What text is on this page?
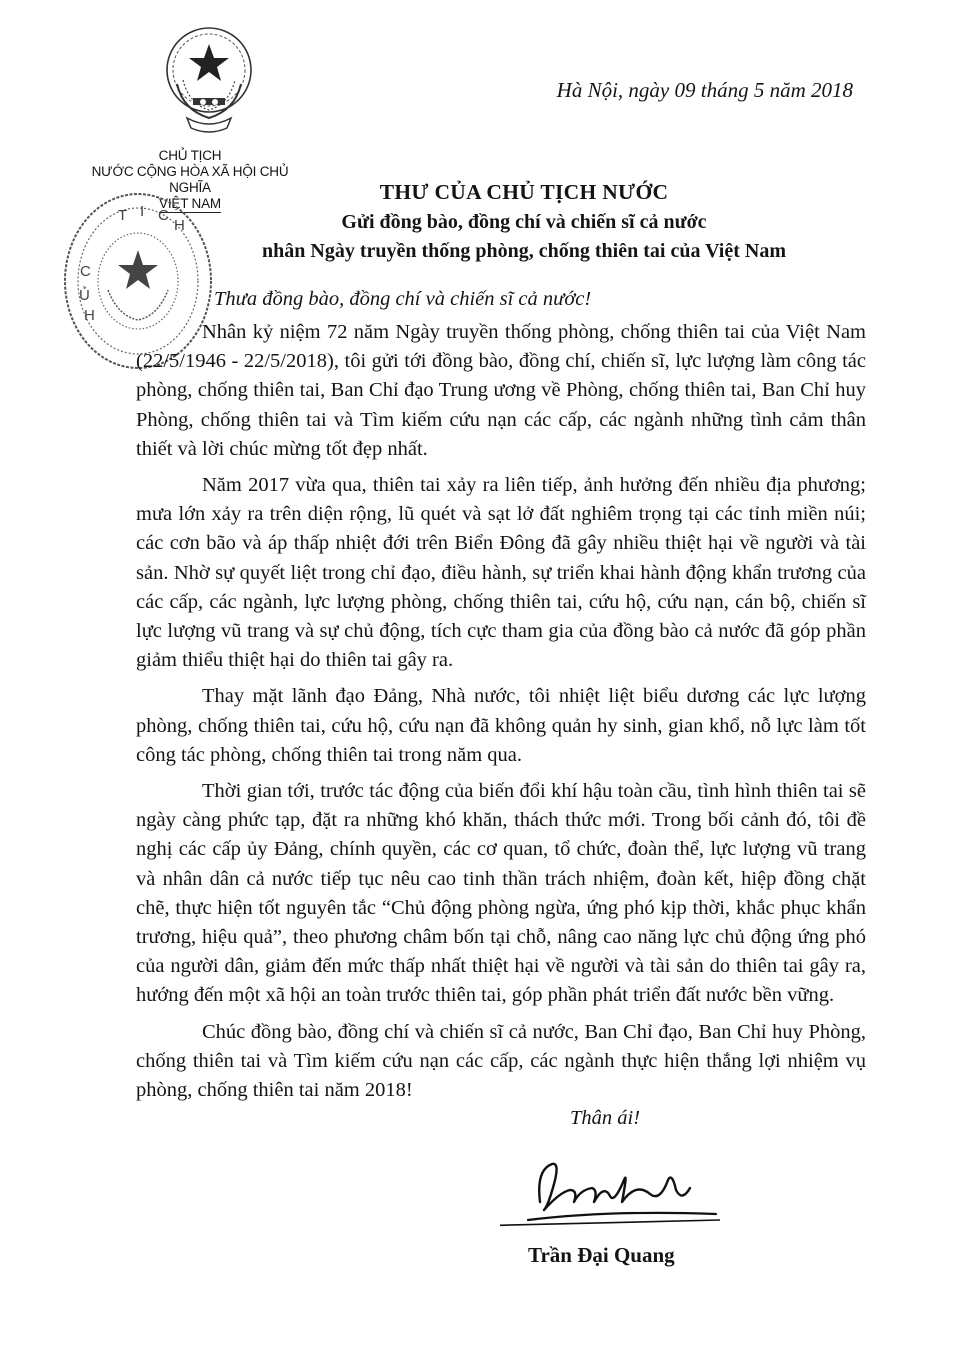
CHỦ TỊCH
NƯỚC CỘNG HÒA XÃ HỘI CHỦ NGHĨA
VIỆT NAM
T I C
H
C
Ủ
H
Hà Nội, ngày 09 tháng 5 năm 2018
THƯ CỦA CHỦ TỊCH NƯỚC
Gửi đồng bào, đồng chí và chiến sĩ cả nước
nhân Ngày truyền thống phòng, chống thiên tai của Việt Nam
Thưa đồng bào, đồng chí và chiến sĩ cả nước!

Nhân kỷ niệm 72 năm Ngày truyền thống phòng, chống thiên tai của Việt Nam (22/5/1946 - 22/5/2018), tôi gửi tới đồng bào, đồng chí, chiến sĩ, lực lượng làm công tác phòng, chống thiên tai, Ban Chỉ đạo Trung ương về Phòng, chống thiên tai, Ban Chỉ huy Phòng, chống thiên tai và Tìm kiếm cứu nạn các cấp, các ngành những tình cảm thân thiết và lời chúc mừng tốt đẹp nhất.

Năm 2017 vừa qua, thiên tai xảy ra liên tiếp, ảnh hưởng đến nhiều địa phương; mưa lớn xảy ra trên diện rộng, lũ quét và sạt lở đất nghiêm trọng tại các tỉnh miền núi; các cơn bão và áp thấp nhiệt đới trên Biển Đông đã gây nhiều thiệt hại về người và tài sản. Nhờ sự quyết liệt trong chỉ đạo, điều hành, sự triển khai hành động khẩn trương của các cấp, các ngành, lực lượng phòng, chống thiên tai, cứu hộ, cứu nạn, cán bộ, chiến sĩ lực lượng vũ trang và sự chủ động, tích cực tham gia của đồng bào cả nước đã góp phần giảm thiểu thiệt hại do thiên tai gây ra.

Thay mặt lãnh đạo Đảng, Nhà nước, tôi nhiệt liệt biểu dương các lực lượng phòng, chống thiên tai, cứu hộ, cứu nạn đã không quản hy sinh, gian khổ, nỗ lực làm tốt công tác phòng, chống thiên tai trong năm qua.

Thời gian tới, trước tác động của biến đổi khí hậu toàn cầu, tình hình thiên tai sẽ ngày càng phức tạp, đặt ra những khó khăn, thách thức mới. Trong bối cảnh đó, tôi đề nghị các cấp ủy Đảng, chính quyền, các cơ quan, tổ chức, đoàn thể, lực lượng vũ trang và nhân dân cả nước tiếp tục nêu cao tinh thần trách nhiệm, đoàn kết, hiệp đồng chặt chẽ, thực hiện tốt nguyên tắc “Chủ động phòng ngừa, ứng phó kịp thời, khắc phục khẩn trương, hiệu quả”, theo phương châm bốn tại chỗ, nâng cao năng lực chủ động ứng phó của người dân, giảm đến mức thấp nhất thiệt hại về người và tài sản do thiên tai gây ra, hướng đến một xã hội an toàn trước thiên tai, góp phần phát triển đất nước bền vững.

Chúc đồng bào, đồng chí và chiến sĩ cả nước, Ban Chỉ đạo, Ban Chỉ huy Phòng, chống thiên tai và Tìm kiếm cứu nạn các cấp, các ngành thực hiện thắng lợi nhiệm vụ phòng, chống thiên tai năm 2018!

Thân ái!
Trần Đại Quang
